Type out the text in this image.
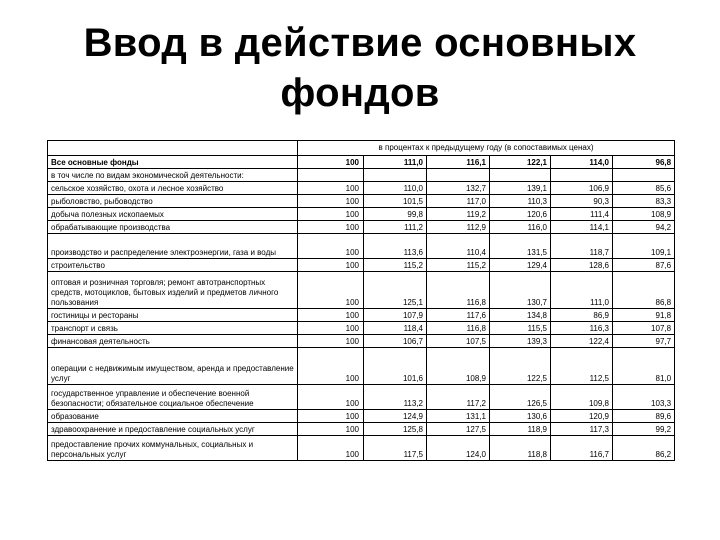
Ввод в действие основных
фондов
	в процентах к предыдущему году (в сопоставимых ценах)					
Все основные фонды	100	111,0	116,1	122,1	114,0	96,8
в точ числе по видам экономической деятельности:						
сельское хозяйство, охота и лесное хозяйство	100	110,0	132,7	139,1	106,9	85,6
рыболовство, рыбоводство	100	101,5	117,0	110,3	90,3	83,3
добыча полезных ископаемых	100	99,8	119,2	120,6	111,4	108,9
обрабатывающие производства	100	111,2	112,9	116,0	114,1	94,2
производство и распределение электроэнергии, газа и воды	100	113,6	110,4	131,5	118,7	109,1
строительство	100	115,2	115,2	129,4	128,6	87,6
оптовая и розничная торговля; ремонт автотранспортных средств, мотоциклов, бытовых изделий и предметов личного пользования	100	125,1	116,8	130,7	111,0	86,8
гостиницы и рестораны	100	107,9	117,6	134,8	86,9	91,8
транспорт и связь	100	118,4	116,8	115,5	116,3	107,8
финансовая деятельность	100	106,7	107,5	139,3	122,4	97,7
операции с недвижимым имуществом, аренда и предоставление услуг	100	101,6	108,9	122,5	112,5	81,0
государственное управление и обеспечение военной безопасности; обязательное социальное обеспечение	100	113,2	117,2	126,5	109,8	103,3
образование	100	124,9	131,1	130,6	120,9	89,6
здравоохранение и предоставление социальных услуг	100	125,8	127,5	118,9	117,3	99,2
предоставление прочих коммунальных, социальных и персональных услуг	100	117,5	124,0	118,8	116,7	86,2
